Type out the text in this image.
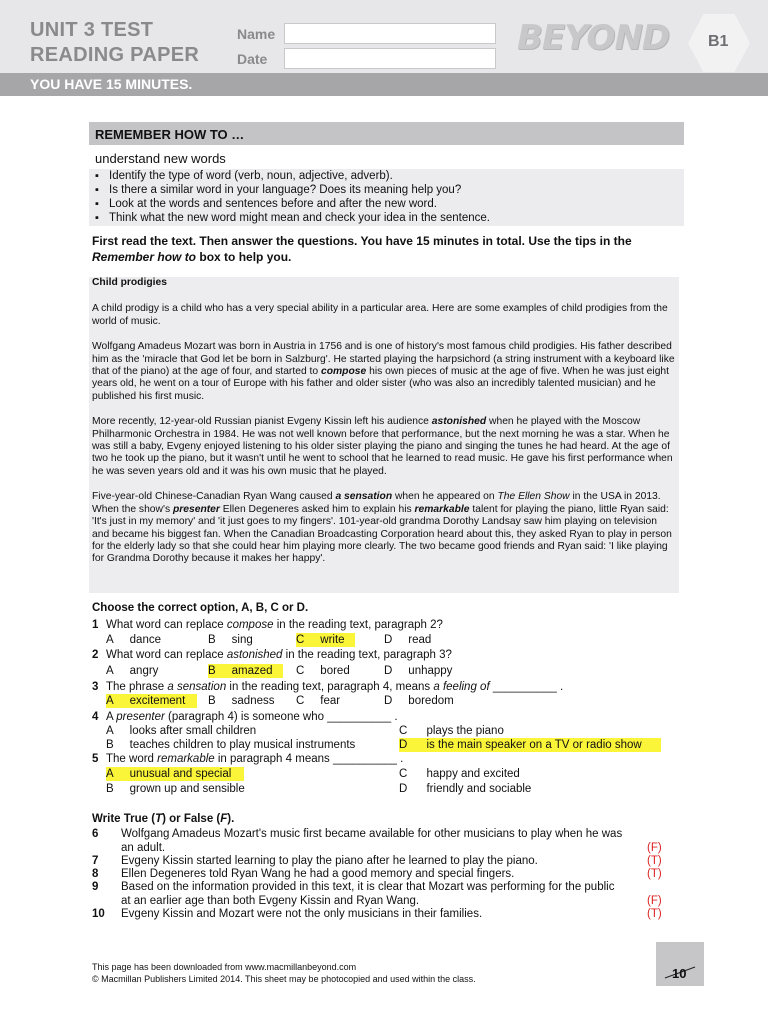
UNIT 3 TEST
READING PAPER
Name
Date
BEYOND B1
YOU HAVE 15 MINUTES.
REMEMBER HOW TO …
understand new words
▪ Identify the type of word (verb, noun, adjective, adverb).
▪ Is there a similar word in your language? Does its meaning help you?
▪ Look at the words and sentences before and after the new word.
▪ Think what the new word might mean and check your idea in the sentence.
First read the text. Then answer the questions. You have 15 minutes in total. Use the tips in the Remember how to box to help you.
Child prodigies

A child prodigy is a child who has a very special ability in a particular area. Here are some examples of child prodigies from the world of music.

Wolfgang Amadeus Mozart was born in Austria in 1756 and is one of history's most famous child prodigies. His father described him as the 'miracle that God let be born in Salzburg'. He started playing the harpsichord (a string instrument with a keyboard like that of the piano) at the age of four, and started to compose his own pieces of music at the age of five. When he was just eight years old, he went on a tour of Europe with his father and older sister (who was also an incredibly talented musician) and he published his first music.

More recently, 12-year-old Russian pianist Evgeny Kissin left his audience astonished when he played with the Moscow Philharmonic Orchestra in 1984. He was not well known before that performance, but the next morning he was a star. When he was still a baby, Evgeny enjoyed listening to his older sister playing the piano and singing the tunes he had heard. At the age of two he took up the piano, but it wasn't until he went to school that he learned to read music. He gave his first performance when he was seven years old and it was his own music that he played.

Five-year-old Chinese-Canadian Ryan Wang caused a sensation when he appeared on The Ellen Show in the USA in 2013. When the show's presenter Ellen Degeneres asked him to explain his remarkable talent for playing the piano, little Ryan said: 'It's just in my memory' and 'it just goes to my fingers'. 101-year-old grandma Dorothy Landsay saw him playing on television and became his biggest fan. When the Canadian Broadcasting Corporation heard about this, they asked Ryan to play in person for the elderly lady so that she could hear him playing more clearly. The two became good friends and Ryan said: 'I like playing for Grandma Dorothy because it makes her happy'.

Choose the correct option, A, B, C or D.
1 What word can replace compose in the reading text, paragraph 2?
A dance	B sing	C write	D read
2 What word can replace astonished in the reading text, paragraph 3?
A angry	B amazed	C bored	D unhappy
3 The phrase a sensation in the reading text, paragraph 4, means a feeling of __________ .
A excitement	B sadness C fear	D boredom
4 A presenter (paragraph 4) is someone who __________ .
A looks after small children	C plays the piano
B teaches children to play musical instruments	D is the main speaker on a TV or radio show
5 The word remarkable in paragraph 4 means __________ .
A unusual and special	C happy and excited
B grown up and sensible	D friendly and sociable
Write True (T) or False (F).
6 Wolfgang Amadeus Mozart's music first became available for other musicians to play when he was an adult.	(F)
7 Evgeny Kissin started learning to play the piano after he learned to play the piano.	(T)
8 Ellen Degeneres told Ryan Wang he had a good memory and special fingers.	(T)
9 Based on the information provided in this text, it is clear that Mozart was performing for the public at an earlier age than both Evgeny Kissin and Ryan Wang.	(F)
10 Evgeny Kissin and Mozart were not the only musicians in their families.	(T)
This page has been downloaded from www.macmillanbeyond.com
© Macmillan Publishers Limited 2014. This sheet may be photocopied and used within the class.	10
